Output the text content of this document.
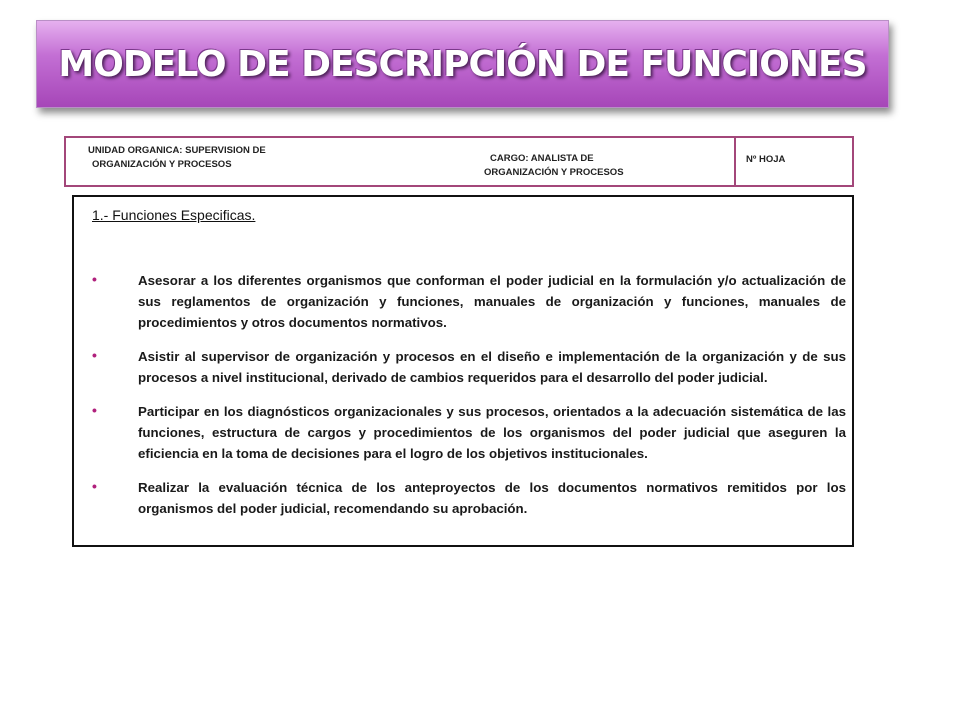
MODELO DE DESCRIPCIÓN DE FUNCIONES
UNIDAD ORGANICA: SUPERVISION DE
ORGANIZACIÓN Y PROCESOS
CARGO: ANALISTA DE
ORGANIZACIÓN Y PROCESOS
Nº HOJA
1.- Funciones Especificas.
•	Asesorar a los diferentes organismos que conforman el poder judicial en la formulación y/o actualización de sus reglamentos de organización y funciones, manuales de organización y funciones, manuales de procedimientos y otros documentos normativos.
•	Asistir al supervisor de organización y procesos en el diseño e implementación de la organización y de sus procesos a nivel institucional, derivado de cambios requeridos para el desarrollo del poder judicial.
•	Participar en los diagnósticos organizacionales y sus procesos, orientados a la adecuación sistemática de las funciones, estructura de cargos y procedimientos de los organismos del poder judicial que aseguren la eficiencia en la toma de decisiones para el logro de los objetivos institucionales.
•	Realizar la evaluación técnica de los anteproyectos de los documentos normativos remitidos por los organismos del poder judicial, recomendando su aprobación.
